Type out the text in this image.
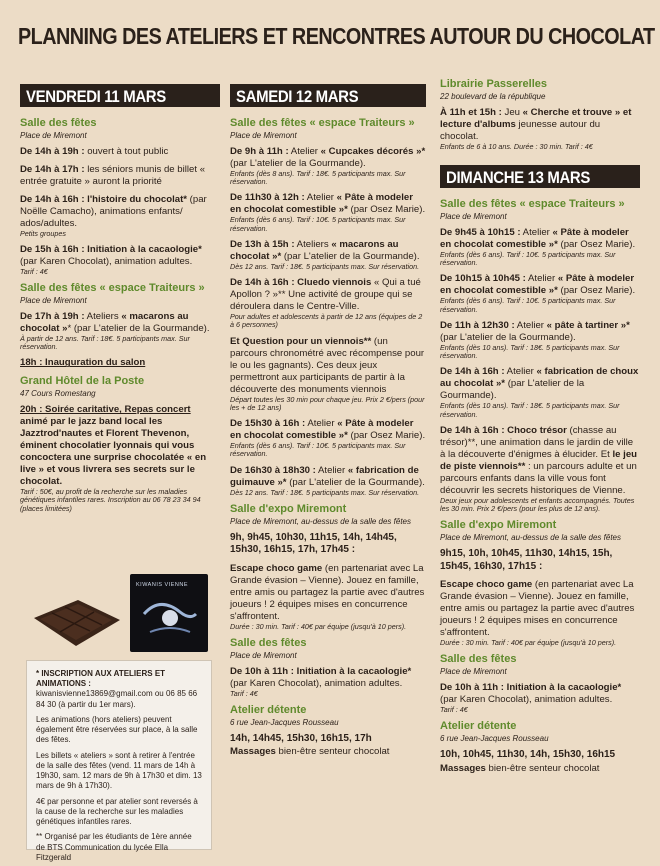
PLANNING DES ATELIERS ET RENCONTRES AUTOUR DU CHOCOLAT
VENDREDI 11 MARS
Salle des fêtes
Place de Miremont
De 14h à 19h : ouvert à tout public
De 14h à 17h : les séniors munis de billet « entrée gratuite » auront la priorité
De 14h à 16h : l'histoire du chocolat* (par Noëlle Camacho), animations enfants/ ados/adultes.
Petits groupes
De 15h à 16h : Initiation à la cacaologie* (par Karen Chocolat), animation adultes.
Tarif : 4€
Salle des fêtes « espace Traiteurs »
Place de Miremont
De 17h à 19h : Ateliers « macarons au chocolat »* (par L'atelier de la Gourmande).
À partir de 12 ans. Tarif : 18€. 5 participants max. Sur réservation.
18h : Inauguration du salon
Grand Hôtel de la Poste
47 Cours Romestang
20h : Soirée caritative, Repas concert animé par le jazz band local les Jazztrod'nautes et Florent Thevenon, éminent chocolatier lyonnais qui vous concoctera une surprise chocolatée « en live » et vous livrera ses secrets sur le chocolat.
Tarif : 50€, au profit de la recherche sur les maladies génétiques infantiles rares. Inscription au 06 78 23 34 94 (places limitées)
KIWANIS VIENNE

* INSCRIPTION AUX ATELIERS ET ANIMATIONS : kiwanisvienne13869@gmail.com ou 06 85 66 84 30 (à partir du 1er mars).

Les animations (hors ateliers) peuvent également être réservées sur place, à la salle des fêtes.

Les billets « ateliers » sont à retirer à l'entrée de la salle des fêtes (vend. 11 mars de 14h à 19h30, sam. 12 mars de 9h à 17h30 et dim. 13 mars de 9h à 17h30).

4€ par personne et par atelier sont reversés à la cause de la recherche sur les maladies génétiques infantiles rares.

** Organisé par les étudiants de 1ère année de BTS Communication du lycée Ella Fitzgerald

SAMEDI 12 MARS
Salle des fêtes « espace Traiteurs »
Place de Miremont
De 9h à 11h : Atelier « Cupcakes décorés »* (par L'atelier de la Gourmande).
Enfants (dès 8 ans). Tarif : 18€. 5 participants max. Sur réservation.
De 11h30 à 12h : Atelier « Pâte à modeler en chocolat comestible »* (par Osez Marie).
Enfants (dès 6 ans). Tarif : 10€. 5 participants max. Sur réservation.
De 13h à 15h : Ateliers « macarons au chocolat »* (par L'atelier de la Gourmande).
Dès 12 ans. Tarif : 18€. 5 participants max. Sur réservation.
De 14h à 16h : Cluedo viennois « Qui a tué Apollon ? »** Une activité de groupe qui se déroulera dans le Centre-Ville.
Pour adultes et adolescents à partir de 12 ans (équipes de 2 à 6 personnes)
Et Question pour un viennois** (un parcours chronométré avec récompense pour le ou les gagnants). Ces deux jeux permettront aux participants de partir à la découverte des monuments viennois
Départ toutes les 30 min pour chaque jeu. Prix 2 €/pers (pour les + de 12 ans)
De 15h30 à 16h : Atelier « Pâte à modeler en chocolat comestible »* (par Osez Marie).
Enfants (dès 6 ans). Tarif : 10€. 5 participants max. Sur réservation.
De 16h30 à 18h30 : Atelier « fabrication de guimauve »* (par L'atelier de la Gourmande).
Dès 12 ans. Tarif : 18€. 5 participants max. Sur réservation.
Salle d'expo Miremont
Place de Miremont, au-dessus de la salle des fêtes
9h, 9h45, 10h30, 11h15, 14h, 14h45, 15h30, 16h15, 17h, 17h45 :
Escape choco game (en partenariat avec La Grande évasion – Vienne). Jouez en famille, entre amis ou partagez la partie avec d'autres joueurs ! 2 équipes mises en concurrence s'affrontent.
Durée : 30 min. Tarif : 40€ par équipe (jusqu'à 10 pers).
Salle des fêtes
Place de Miremont
De 10h à 11h : Initiation à la cacaologie* (par Karen Chocolat), animation adultes.
Tarif : 4€
Atelier détente
6 rue Jean-Jacques Rousseau
14h, 14h45, 15h30, 16h15, 17h
Massages bien-être senteur chocolat
Librairie Passerelles
22 boulevard de la république
À 11h et 15h : Jeu « Cherche et trouve » et lecture d'albums jeunesse autour du chocolat.
Enfants de 6 à 10 ans. Durée : 30 min. Tarif : 4€
DIMANCHE 13 MARS
Salle des fêtes « espace Traiteurs »
Place de Miremont
De 9h45 à 10h15 : Atelier « Pâte à modeler en chocolat comestible »* (par Osez Marie).
Enfants (dès 6 ans). Tarif : 10€. 5 participants max. Sur réservation.
De 10h15 à 10h45 : Atelier « Pâte à modeler en chocolat comestible »* (par Osez Marie).
Enfants (dès 6 ans). Tarif : 10€. 5 participants max. Sur réservation.
De 11h à 12h30 : Atelier « pâte à tartiner »* (par L'atelier de la Gourmande).
Enfants (dès 10 ans). Tarif : 18€. 5 participants max. Sur réservation.
De 14h à 16h : Atelier « fabrication de choux au chocolat »* (par L'atelier de la Gourmande).
Enfants (dès 10 ans). Tarif : 18€. 5 participants max. Sur réservation.
De 14h à 16h : Choco trésor (chasse au trésor)**, une animation dans le jardin de ville à la découverte d'énigmes à élucider. Et le jeu de piste viennois** : un parcours adulte et un parcours enfants dans la ville vous font découvrir les secrets historiques de Vienne.
Deux jeux pour adolescents et enfants accompagnés. Toutes les 30 min. Prix 2 €/pers (pour les plus de 12 ans).
Salle d'expo Miremont
Place de Miremont, au-dessus de la salle des fêtes
9h15, 10h, 10h45, 11h30, 14h15, 15h, 15h45, 16h30, 17h15 :
Escape choco game (en partenariat avec La Grande évasion – Vienne). Jouez en famille, entre amis ou partagez la partie avec d'autres joueurs ! 2 équipes mises en concurrence s'affrontent.
Durée : 30 min. Tarif : 40€ par équipe (jusqu'à 10 pers).
Salle des fêtes
Place de Miremont
De 10h à 11h : Initiation à la cacaologie* (par Karen Chocolat), animation adultes.
Tarif : 4€
Atelier détente
6 rue Jean-Jacques Rousseau
10h, 10h45, 11h30, 14h, 15h30, 16h15
Massages bien-être senteur chocolat
